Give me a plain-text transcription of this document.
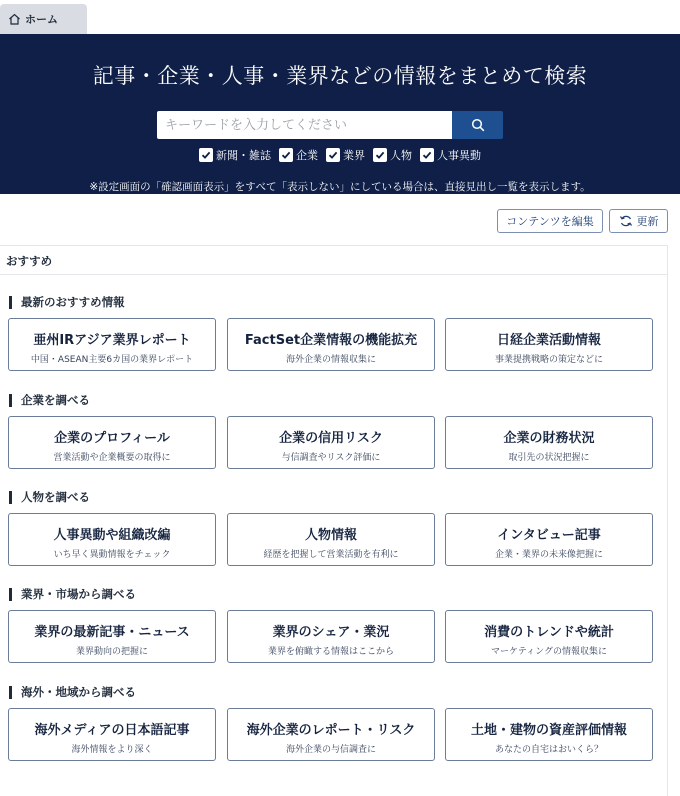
ホーム
記事・企業・人事・業界などの情報をまとめて検索
キーワードを入力してください
新聞・雑誌 企業 業界 人物 人事異動
※設定画面の「確認画面表示」をすべて「表示しない」にしている場合は、直接見出し一覧を表示します。
コンテンツを編集	更新
おすすめ
最新のおすすめ情報
亜州IRアジア業界レポート
中国・ASEAN主要6カ国の業界レポート
FactSet企業情報の機能拡充
海外企業の情報収集に
日経企業活動情報
事業提携戦略の策定などに
企業を調べる
企業のプロフィール
営業活動や企業概要の取得に
企業の信用リスク
与信調査やリスク評価に
企業の財務状況
取引先の状況把握に
人物を調べる
人事異動や組織改編
いち早く異動情報をチェック
人物情報
経歴を把握して営業活動を有利に
インタビュー記事
企業・業界の未来像把握に
業界・市場から調べる
業界の最新記事・ニュース
業界動向の把握に
業界のシェア・業況
業界を俯瞰する情報はここから
消費のトレンドや統計
マーケティングの情報収集に
海外・地域から調べる
海外メディアの日本語記事
海外情報をより深く
海外企業のレポート・リスク
海外企業の与信調査に
土地・建物の資産評価情報
あなたの自宅はおいくら？
